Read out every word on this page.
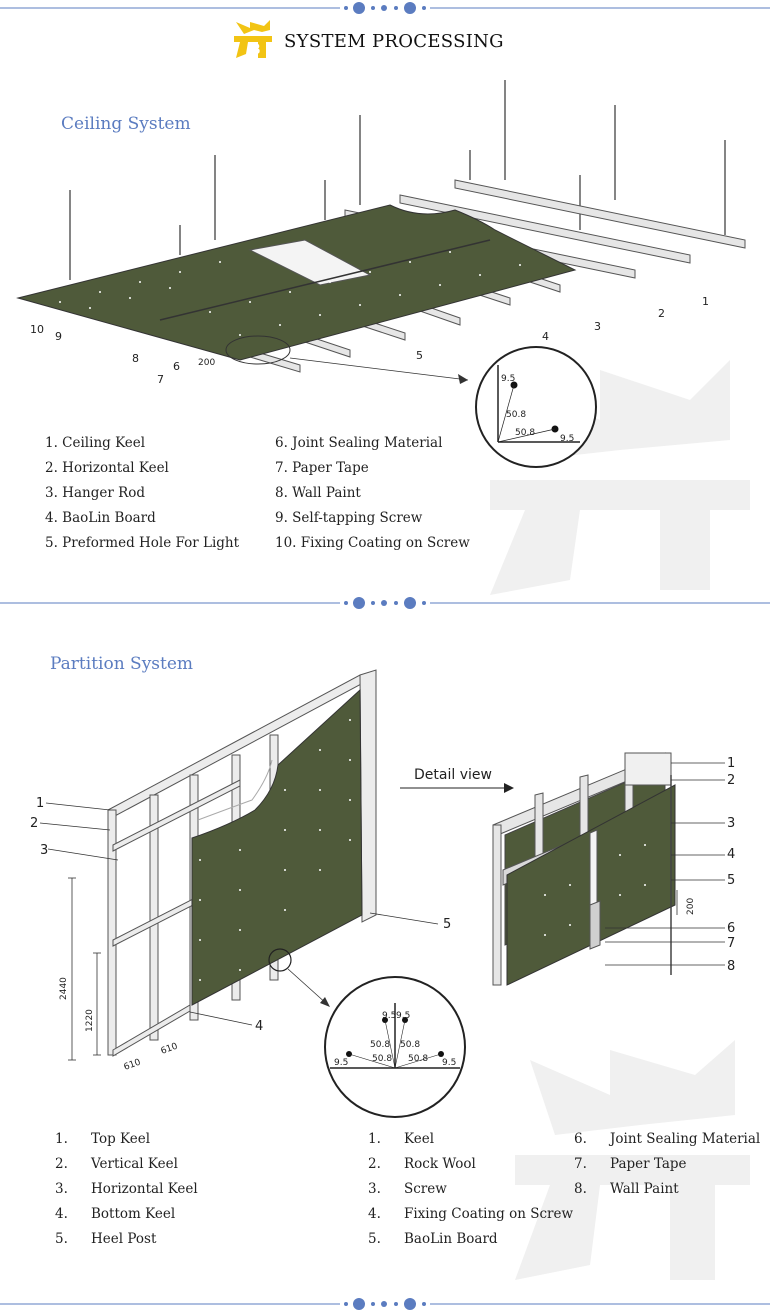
B SYSTEM PROCESSING
Ceiling System
200
1
2
3
4
5
6
7
8
9
10
9.5
50.8
50.8
9.5
1. Ceiling Keel
2. Horizontal Keel
3. Hanger Rod
4. BaoLin Board
5. Preformed Hole For Light
6. Joint Sealing Material
7. Paper Tape
8. Wall Paint
9. Self-tapping Screw
10. Fixing Coating on Screw
Partition System
2440
1220
610
610
1
2
3
4
5
Detail view
200
1
2
3
4
5
6
7
8
9.5 9.5
50.8 50.8
50.8 50.8
9.5	9.5
1.
2.
3.
4.
5.
Top Keel
Vertical Keel
Horizontal Keel
Bottom Keel
Heel Post
1.
2.
3.
4.
5.
Keel
Rock Wool
Screw
Fixing Coating on Screw
BaoLin Board
6.
7.
8.
Joint Sealing Material
Paper Tape
Wall Paint
